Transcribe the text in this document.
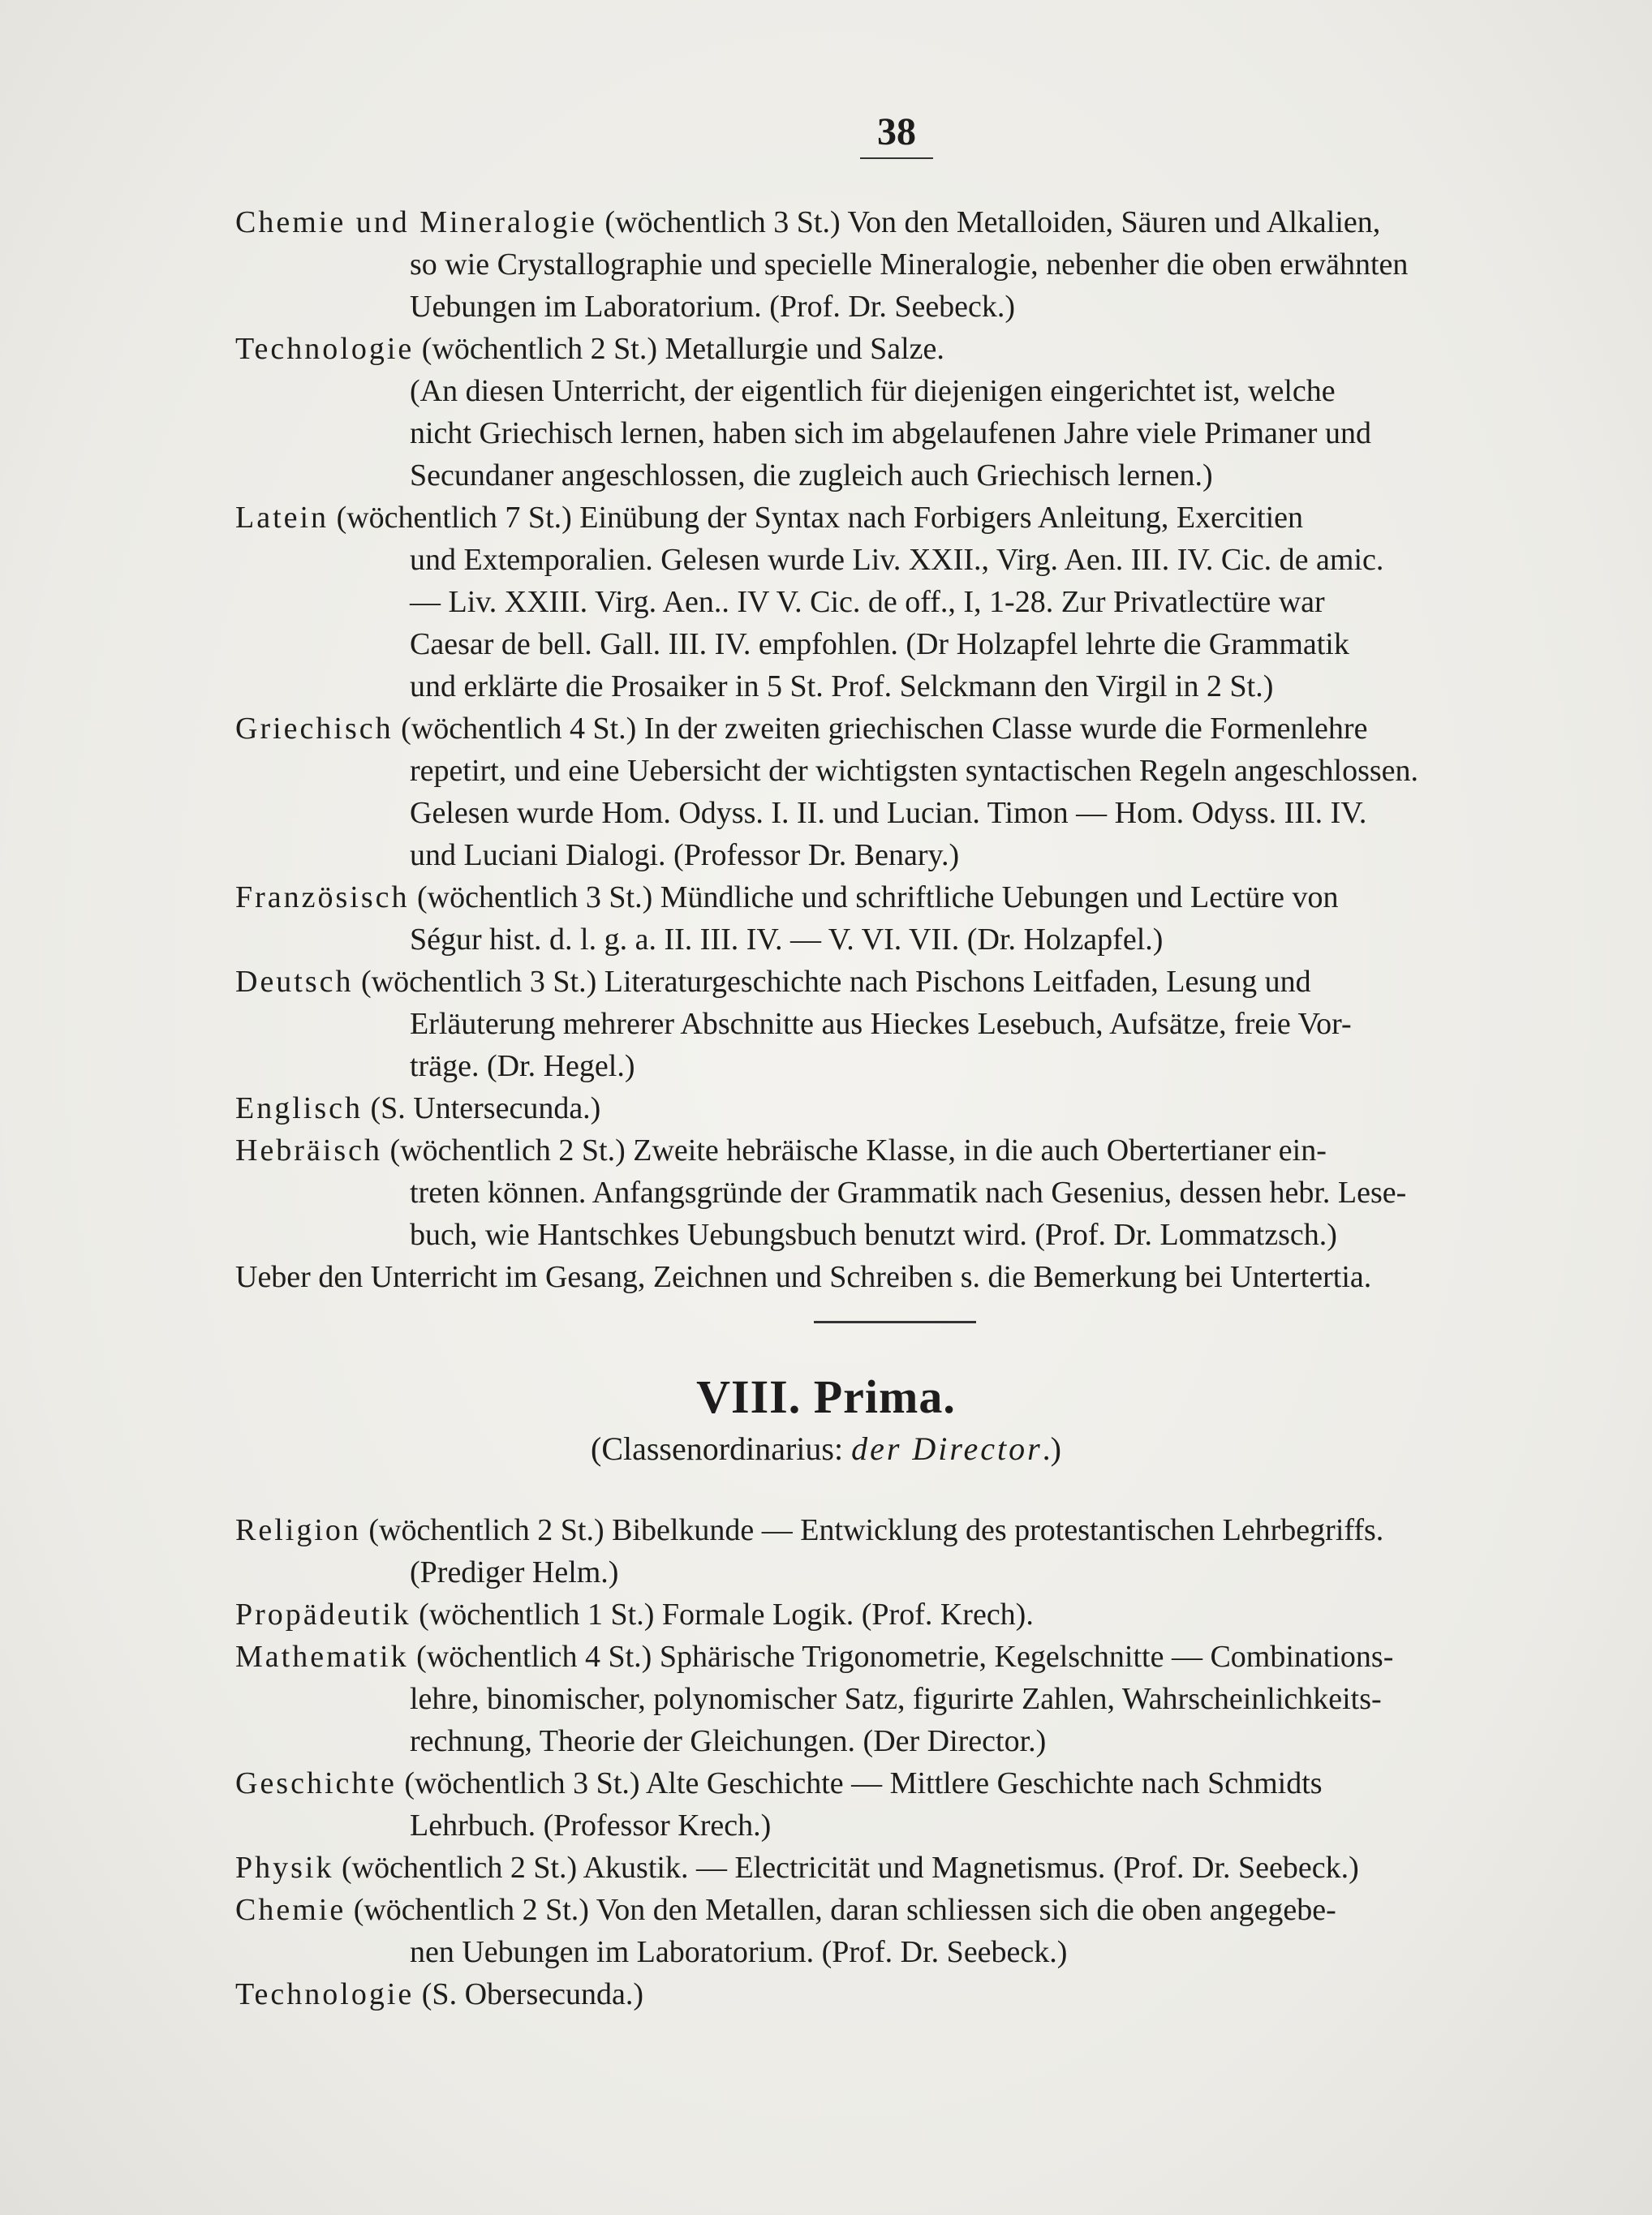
38

Chemie und Mineralogie (wöchentlich 3 St.) Von den Metalloiden, Säuren und Alkalien,
so wie Crystallographie und specielle Mineralogie, nebenher die oben erwähnten
Uebungen im Laboratorium. (Prof. Dr. Seebeck.)

Technologie (wöchentlich 2 St.) Metallurgie und Salze.
(An diesen Unterricht, der eigentlich für diejenigen eingerichtet ist, welche
nicht Griechisch lernen, haben sich im abgelaufenen Jahre viele Primaner und
Secundaner angeschlossen, die zugleich auch Griechisch lernen.)

Latein (wöchentlich 7 St.) Einübung der Syntax nach Forbigers Anleitung, Exercitien
und Extemporalien. Gelesen wurde Liv. XXII., Virg. Aen. III. IV. Cic. de amic.
— Liv. XXIII. Virg. Aen.. IV V. Cic. de off., I, 1-28. Zur Privatlectüre war
Caesar de bell. Gall. III. IV. empfohlen. (Dr Holzapfel lehrte die Grammatik
und erklärte die Prosaiker in 5 St. Prof. Selckmann den Virgil in 2 St.)

Griechisch (wöchentlich 4 St.) In der zweiten griechischen Classe wurde die Formenlehre
repetirt, und eine Uebersicht der wichtigsten syntactischen Regeln angeschlossen.
Gelesen wurde Hom. Odyss. I. II. und Lucian. Timon — Hom. Odyss. III. IV.
und Luciani Dialogi. (Professor Dr. Benary.)

Französisch (wöchentlich 3 St.) Mündliche und schriftliche Uebungen und Lectüre von
Ségur hist. d. l. g. a. II. III. IV. — V. VI. VII. (Dr. Holzapfel.)

Deutsch (wöchentlich 3 St.) Literaturgeschichte nach Pischons Leitfaden, Lesung und
Erläuterung mehrerer Abschnitte aus Hieckes Lesebuch, Aufsätze, freie Vor-
träge. (Dr. Hegel.)

Englisch (S. Untersecunda.)

Hebräisch (wöchentlich 2 St.) Zweite hebräische Klasse, in die auch Obertertianer ein-
treten können. Anfangsgründe der Grammatik nach Gesenius, dessen hebr. Lese-
buch, wie Hantschkes Uebungsbuch benutzt wird. (Prof. Dr. Lommatzsch.)

Ueber den Unterricht im Gesang, Zeichnen und Schreiben s. die Bemerkung bei Untertertia.

VIII. Prima.
(Classenordinarius: der Director.)

Religion (wöchentlich 2 St.) Bibelkunde — Entwicklung des protestantischen Lehrbegriffs.
(Prediger Helm.)

Propädeutik (wöchentlich 1 St.) Formale Logik. (Prof. Krech).

Mathematik (wöchentlich 4 St.) Sphärische Trigonometrie, Kegelschnitte — Combinations-
lehre, binomischer, polynomischer Satz, figurirte Zahlen, Wahrscheinlichkeits-
rechnung, Theorie der Gleichungen. (Der Director.)

Geschichte (wöchentlich 3 St.) Alte Geschichte — Mittlere Geschichte nach Schmidts
Lehrbuch. (Professor Krech.)

Physik (wöchentlich 2 St.) Akustik. — Electricität und Magnetismus. (Prof. Dr. Seebeck.)

Chemie (wöchentlich 2 St.) Von den Metallen, daran schliessen sich die oben angegebe-
nen Uebungen im Laboratorium. (Prof. Dr. Seebeck.)

Technologie (S. Obersecunda.)
